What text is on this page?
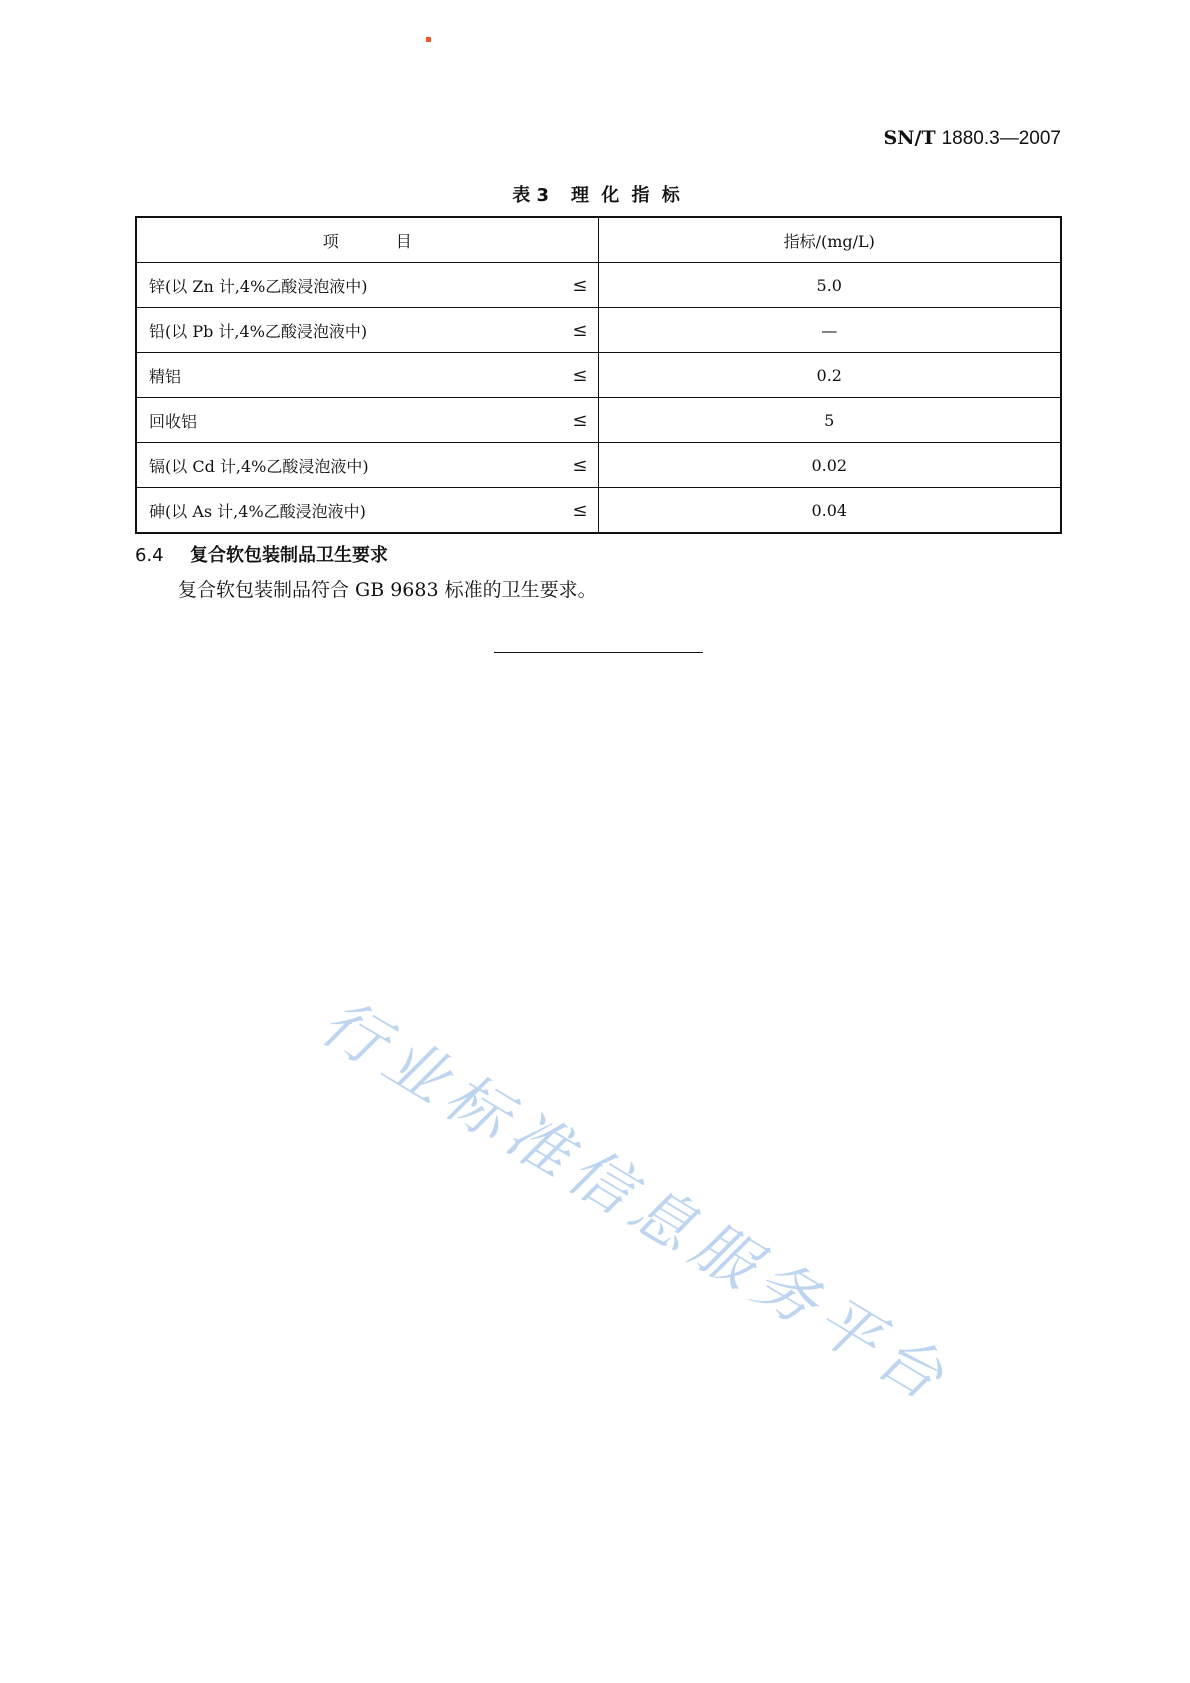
SN/T 1880.3—2007
表 3 理 化 指 标
项 目	指标/(mg/L)

锌(以 Zn 计,4%乙酸浸泡液中) ≤	5.0

铅(以 Pb 计,4%乙酸浸泡液中) ≤	—

精铝 ≤	0.2

回收铝 ≤	5

镉(以 Cd 计,4%乙酸浸泡液中) ≤	0.02

砷(以 As 计,4%乙酸浸泡液中) ≤	0.04
6.4 复合软包装制品卫生要求
复合软包装制品符合 GB 9683 标准的卫生要求。
行业标准信息服务平台
